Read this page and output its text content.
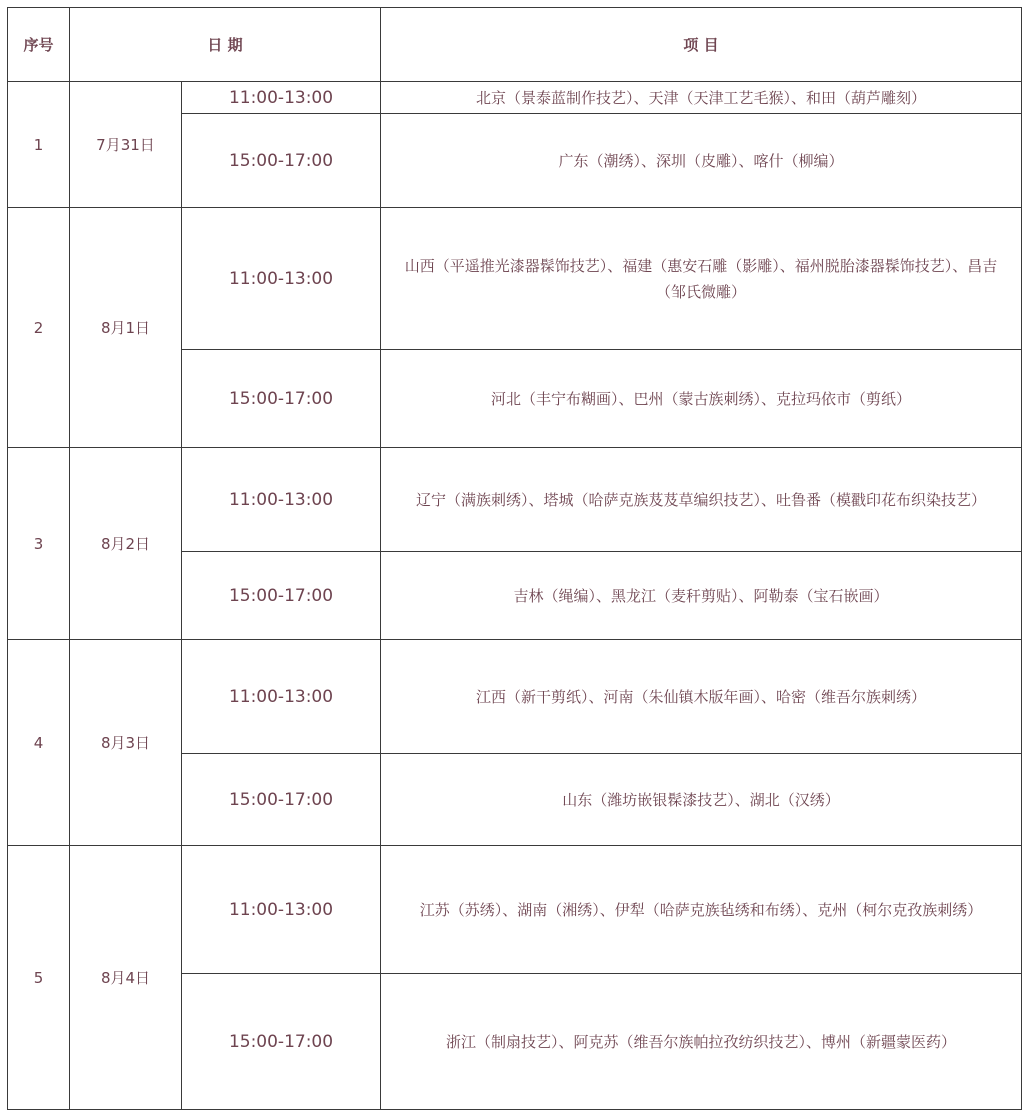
序号	日 期		项 目
1	7月31日	11:00-13:00	北京（景泰蓝制作技艺）、天津（天津工艺毛猴）、和田（葫芦雕刻）
		15:00-17:00	广东（潮绣）、深圳（皮雕）、喀什（柳编）
2	8月1日	11:00-13:00	山西（平遥推光漆器髹饰技艺）、福建（惠安石雕（影雕）、福州脱胎漆器髹饰技艺）、昌吉（邹氏微雕）
		15:00-17:00	河北（丰宁布糊画）、巴州（蒙古族刺绣）、克拉玛依市（剪纸）
3	8月2日	11:00-13:00	辽宁（满族刺绣）、塔城（哈萨克族芨芨草编织技艺）、吐鲁番（模戳印花布织染技艺）
		15:00-17:00	吉林（绳编）、黑龙江（麦秆剪贴）、阿勒泰（宝石嵌画）
4	8月3日	11:00-13:00	江西（新干剪纸）、河南（朱仙镇木版年画）、哈密（维吾尔族刺绣）
		15:00-17:00	山东（潍坊嵌银髹漆技艺）、湖北（汉绣）
5	8月4日	11:00-13:00	江苏（苏绣）、湖南（湘绣）、伊犁（哈萨克族毡绣和布绣）、克州（柯尔克孜族刺绣）
		15:00-17:00	浙江（制扇技艺）、阿克苏（维吾尔族帕拉孜纺织技艺）、博州（新疆蒙医药）
